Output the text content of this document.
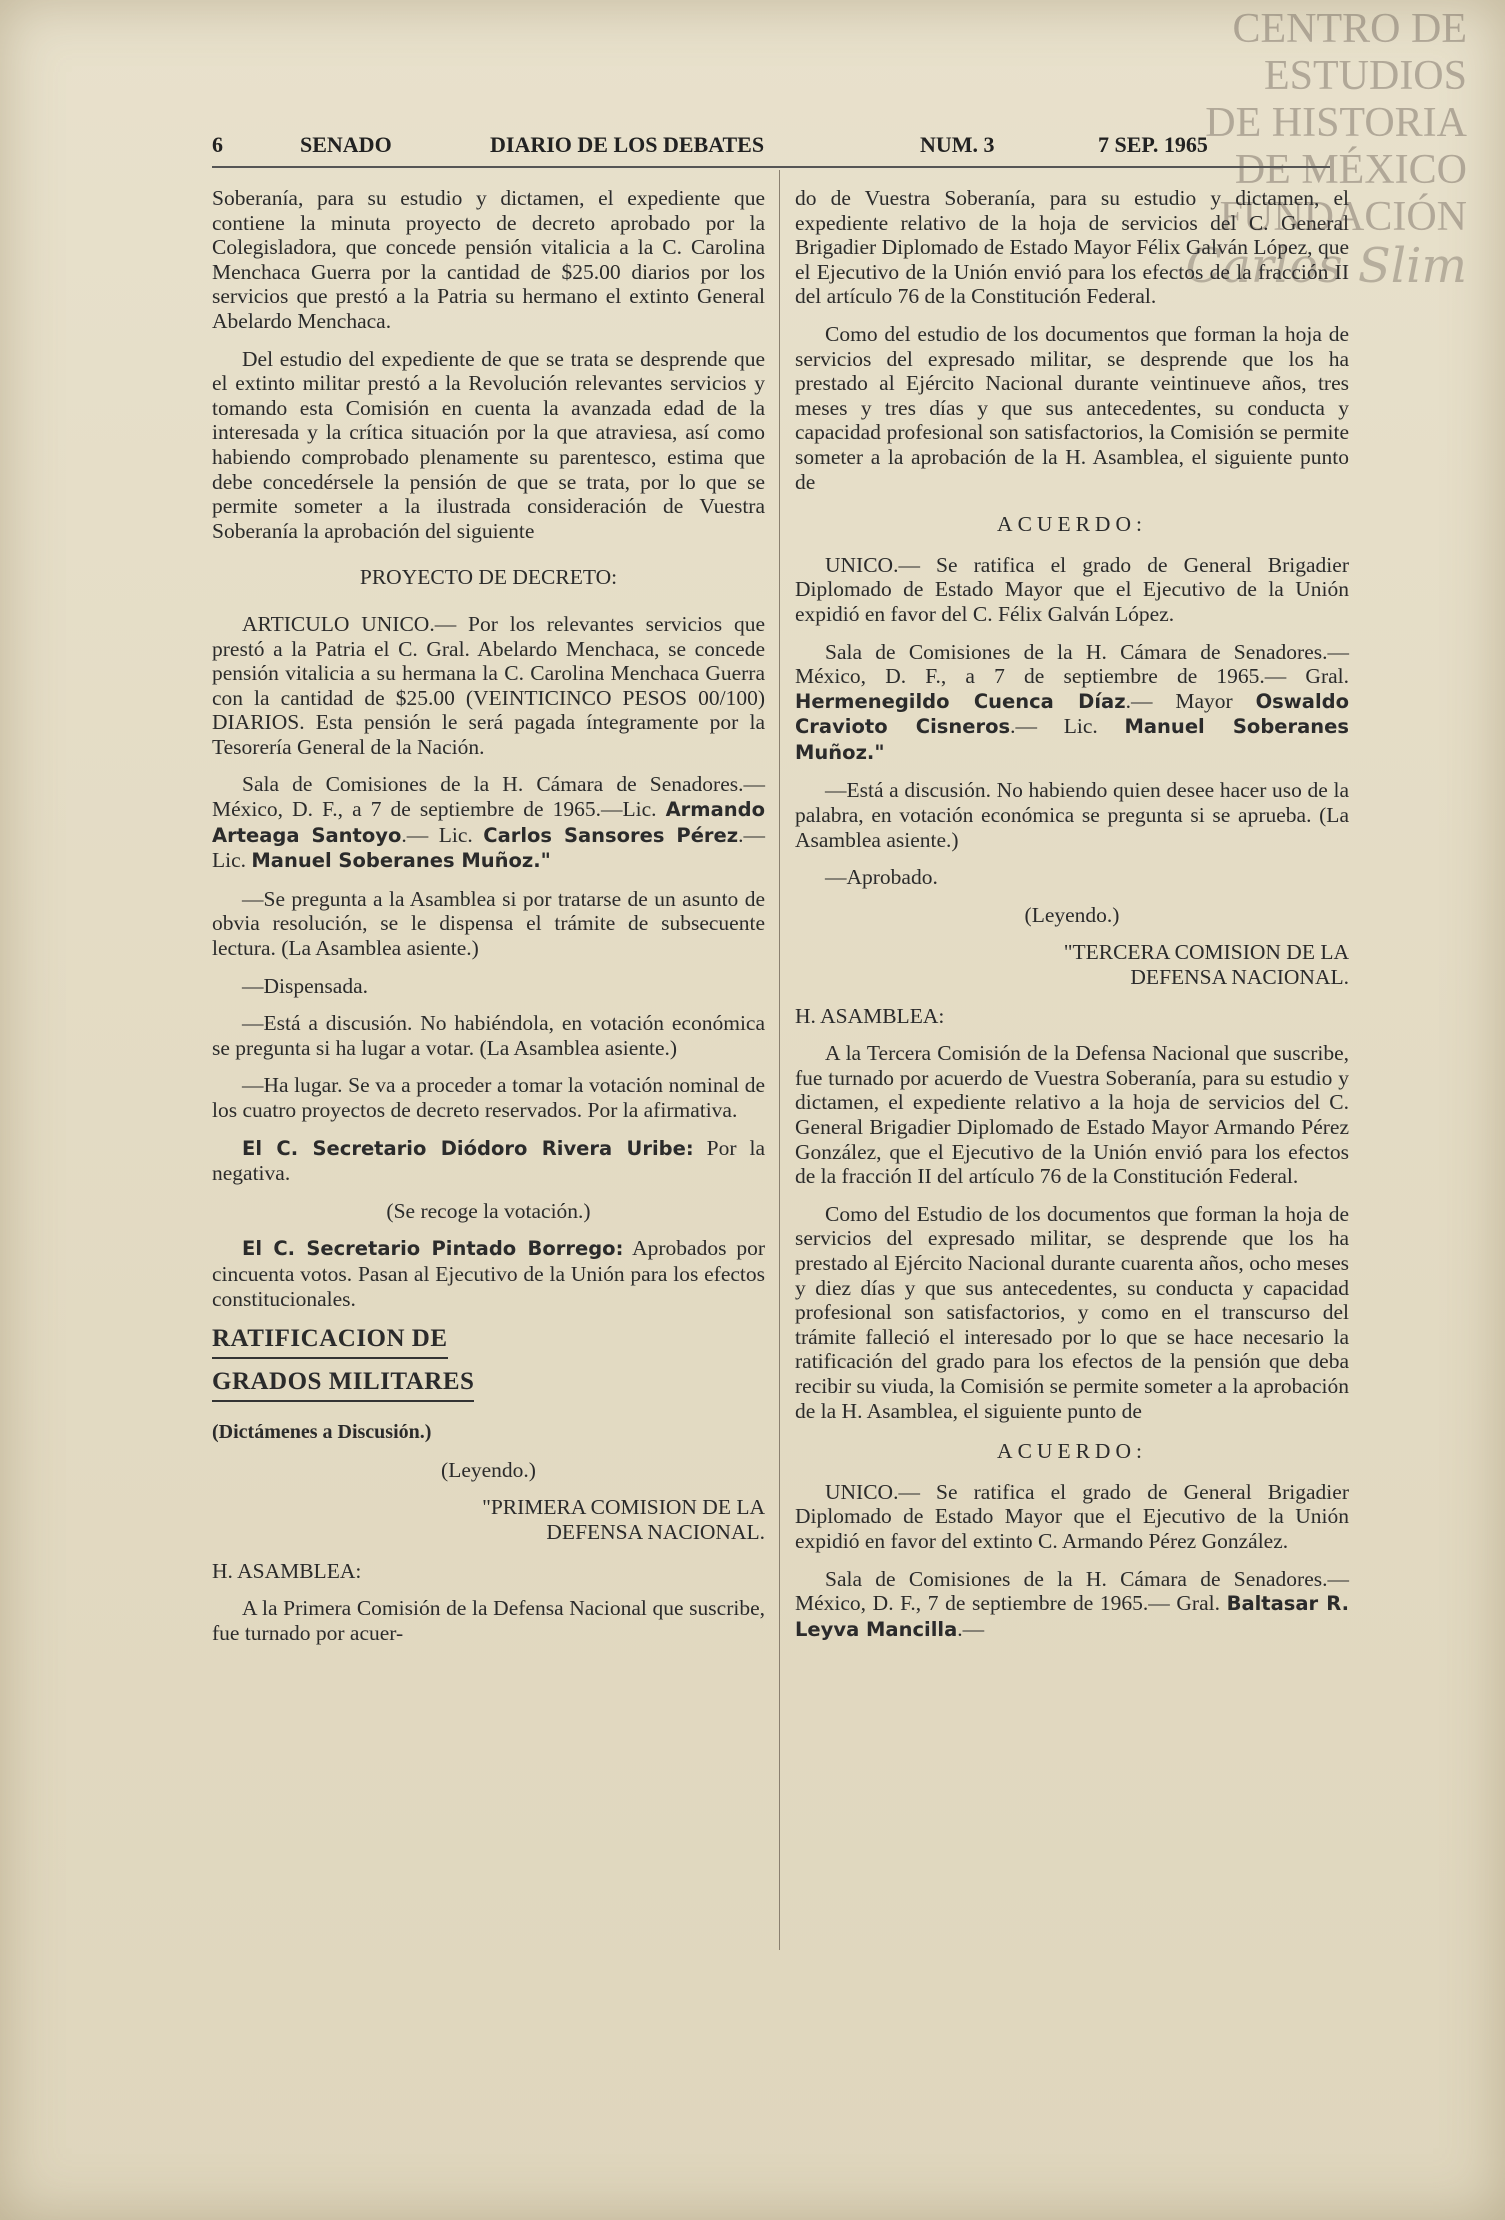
CENTRO DE
ESTUDIOS
DE HISTORIA
DE MÉXICO
FUNDACIÓN
Carlos Slim
6	SENADO	DIARIO DE LOS DEBATES	NUM. 3	7 SEP. 1965

Soberanía, para su estudio y dictamen, el expediente que contiene la minuta proyecto de decreto aprobado por la Colegisladora, que concede pensión vitalicia a la C. Carolina Menchaca Guerra por la cantidad de $25.00 diarios por los servicios que prestó a la Patria su hermano el extinto General Abelardo Menchaca.

Del estudio del expediente de que se trata se desprende que el extinto militar prestó a la Revolución relevantes servicios y tomando esta Comisión en cuenta la avanzada edad de la interesada y la crítica situación por la que atraviesa, así como habiendo comprobado plenamente su parentesco, estima que debe concedérsele la pensión de que se trata, por lo que se permite someter a la ilustrada consideración de Vuestra Soberanía la aprobación del siguiente

PROYECTO DE DECRETO:

ARTICULO UNICO.— Por los relevantes servicios que prestó a la Patria el C. Gral. Abelardo Menchaca, se concede pensión vitalicia a su hermana la C. Carolina Menchaca Guerra con la cantidad de $25.00 (VEINTICINCO PESOS 00/100) DIARIOS. Esta pensión le será pagada íntegramente por la Tesorería General de la Nación.

Sala de Comisiones de la H. Cámara de Senadores.— México, D. F., a 7 de septiembre de 1965.—Lic. Armando Arteaga Santoyo.— Lic. Carlos Sansores Pérez.— Lic. Manuel Soberanes Muñoz."

—Se pregunta a la Asamblea si por tratarse de un asunto de obvia resolución, se le dispensa el trámite de subsecuente lectura. (La Asamblea asiente.)

—Dispensada.

—Está a discusión. No habiéndola, en votación económica se pregunta si ha lugar a votar. (La Asamblea asiente.)

—Ha lugar. Se va a proceder a tomar la votación nominal de los cuatro proyectos de decreto reservados. Por la afirmativa.

El C. Secretario Diódoro Rivera Uribe: Por la negativa.

(Se recoge la votación.)

El C. Secretario Pintado Borrego: Aprobados por cincuenta votos. Pasan al Ejecutivo de la Unión para los efectos constitucionales.

RATIFICACION DE
GRADOS MILITARES

(Dictámenes a Discusión.)

(Leyendo.)

"PRIMERA COMISION DE LA
DEFENSA NACIONAL.

H. ASAMBLEA:

A la Primera Comisión de la Defensa Nacional que suscribe, fue turnado por acuer-

do de Vuestra Soberanía, para su estudio y dictamen, el expediente relativo de la hoja de servicios del C. General Brigadier Diplomado de Estado Mayor Félix Galván López, que el Ejecutivo de la Unión envió para los efectos de la fracción II del artículo 76 de la Constitución Federal.

Como del estudio de los documentos que forman la hoja de servicios del expresado militar, se desprende que los ha prestado al Ejército Nacional durante veintinueve años, tres meses y tres días y que sus antecedentes, su conducta y capacidad profesional son satisfactorios, la Comisión se permite someter a la aprobación de la H. Asamblea, el siguiente punto de

ACUERDO:

UNICO.— Se ratifica el grado de General Brigadier Diplomado de Estado Mayor que el Ejecutivo de la Unión expidió en favor del C. Félix Galván López.

Sala de Comisiones de la H. Cámara de Senadores.— México, D. F., a 7 de septiembre de 1965.— Gral. Hermenegildo Cuenca Díaz.— Mayor Oswaldo Cravioto Cisneros.— Lic. Manuel Soberanes Muñoz."

—Está a discusión. No habiendo quien desee hacer uso de la palabra, en votación económica se pregunta si se aprueba. (La Asamblea asiente.)

—Aprobado.

(Leyendo.)

"TERCERA COMISION DE LA
DEFENSA NACIONAL.

H. ASAMBLEA:

A la Tercera Comisión de la Defensa Nacional que suscribe, fue turnado por acuerdo de Vuestra Soberanía, para su estudio y dictamen, el expediente relativo a la hoja de servicios del C. General Brigadier Diplomado de Estado Mayor Armando Pérez González, que el Ejecutivo de la Unión envió para los efectos de la fracción II del artículo 76 de la Constitución Federal.

Como del Estudio de los documentos que forman la hoja de servicios del expresado militar, se desprende que los ha prestado al Ejército Nacional durante cuarenta años, ocho meses y diez días y que sus antecedentes, su conducta y capacidad profesional son satisfactorios, y como en el transcurso del trámite falleció el interesado por lo que se hace necesario la ratificación del grado para los efectos de la pensión que deba recibir su viuda, la Comisión se permite someter a la aprobación de la H. Asamblea, el siguiente punto de

ACUERDO:

UNICO.— Se ratifica el grado de General Brigadier Diplomado de Estado Mayor que el Ejecutivo de la Unión expidió en favor del extinto C. Armando Pérez González.

Sala de Comisiones de la H. Cámara de Senadores.— México, D. F., 7 de septiembre de 1965.— Gral. Baltasar R. Leyva Mancilla.—
